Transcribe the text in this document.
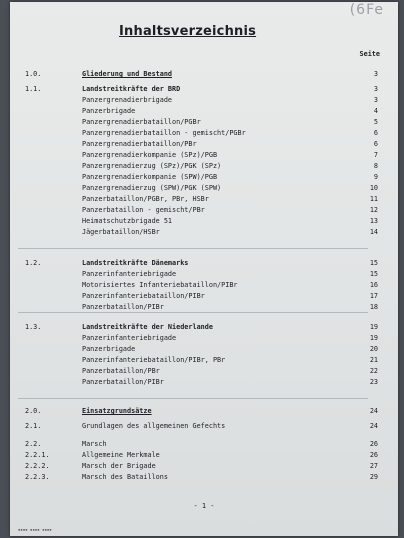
(6Fe
Inhaltsverzeichnis
Seite
1.0.	Gliederung und Bestand	3
1.1.	Landstreitkräfte der BRD	3
Panzergrenadierbrigade	3
Panzerbrigade	4
Panzergrenadierbataillon/PGBr	5
Panzergrenadierbataillon - gemischt/PGBr	6
Panzergrenadierbataillon/PBr	6
Panzergrenadierkompanie (SPz)/PGB	7
Panzergrenadierzug (SPz)/PGK (SPz)	8
Panzergrenadierkompanie (SPW)/PGB	9
Panzergrenadierzug (SPW)/PGK (SPW)	10
Panzerbataillon/PGBr, PBr, HSBr	11
Panzerbataillon - gemischt/PBr	12
Heimatschutzbrigade 51	13
Jägerbataillon/HSBr	14
1.2.	Landstreitkräfte Dänemarks	15
Panzerinfanteriebrigade	15
Motorisiertes Infanteriebataillon/PIBr	16
Panzerinfanteriebataillon/PIBr	17
Panzerbataillon/PIBr	18
1.3.	Landstreitkräfte der Niederlande	19
Panzerinfanteriebrigade	19
Panzerbrigade	20
Panzerinfanteriebataillon/PIBr, PBr	21
Panzerbataillon/PBr	22
Panzerbataillon/PIBr	23
2.0.	Einsatzgrundsätze	24
2.1.	Grundlagen des allgemeinen Gefechts	24
2.2.	Marsch	26
2.2.1.	Allgemeine Merkmale	26
2.2.2.	Marsch der Brigade	27
2.2.3.	Marsch des Bataillons	29
- 1 -
▪▪▪▪ ▪▪▪▪ ▪▪▪▪
